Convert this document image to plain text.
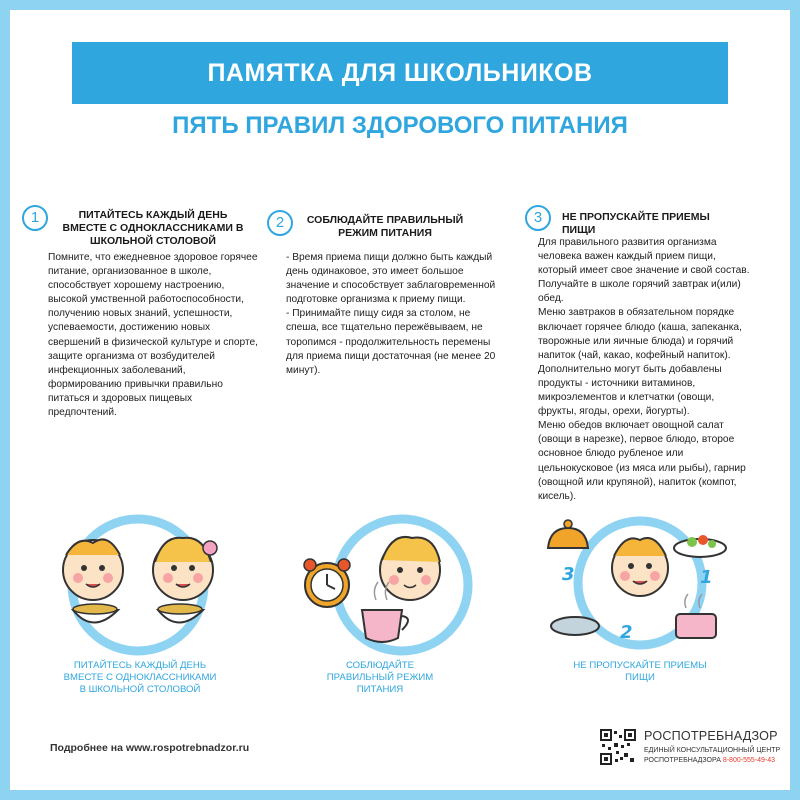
ПАМЯТКА ДЛЯ ШКОЛЬНИКОВ
ПЯТЬ ПРАВИЛ ЗДОРОВОГО ПИТАНИЯ
1	ПИТАЙТЕСЬ КАЖДЫЙ ДЕНЬ ВМЕСТЕ С ОДНОКЛАССНИКАМИ В ШКОЛЬНОЙ СТОЛОВОЙ

Помните, что ежедневное здоровое горячее питание, организованное в школе, способствует хорошему настроению, высокой умственной работоспособности, получению новых знаний, успешности, успеваемости, достижению новых свершений в физической культуре и спорте, защите организма от возбудителей инфекционных заболеваний, формированию привычки правильно питаться и здоровых пищевых предпочтений.

2	СОБЛЮДАЙТЕ ПРАВИЛЬНЫЙ РЕЖИМ ПИТАНИЯ

- Время приема пищи должно быть каждый день одинаковое, это имеет большое значение и способствует заблаговременной подготовке организма к приему пищи.

- Принимайте пищу сидя за столом, не спеша, все тщательно пережёвываем, не торопимся - продолжительность перемены для приема пищи достаточная (не менее 20 минут).

3	НЕ ПРОПУСКАЙТЕ ПРИЕМЫ ПИЩИ

Для правильного развития организма человека важен каждый прием пищи, который имеет свое значение и свой состав. Получайте в школе горячий завтрак и(или) обед.

Меню завтраков в обязательном порядке включает горячее блюдо (каша, запеканка, творожные или яичные блюда) и горячий напиток (чай, какао, кофейный напиток).

Дополнительно могут быть добавлены продукты - источники витаминов, микроэлементов и клетчатки (овощи, фрукты, ягоды, орехи, йогурты).

Меню обедов включает овощной салат (овощи в нарезке), первое блюдо, второе основное блюдо рубленое или цельнокусковое (из мяса или рыбы), гарнир (овощной или крупяной), напиток (компот, кисель).

3
2
1
ПИТАЙТЕСЬ КАЖДЫЙ ДЕНЬ ВМЕСТЕ С ОДНОКЛАССНИКАМИ В ШКОЛЬНОЙ СТОЛОВОЙ
СОБЛЮДАЙТЕ ПРАВИЛЬНЫЙ РЕЖИМ ПИТАНИЯ
НЕ ПРОПУСКАЙТЕ ПРИЕМЫ ПИЩИ
Подробнее на www.rospotrebnadzor.ru
РОСПОТРЕБНАДЗОР
ЕДИНЫЙ КОНСУЛЬТАЦИОННЫЙ ЦЕНТР
РОСПОТРЕБНАДЗОРА 8-800-555-49-43
